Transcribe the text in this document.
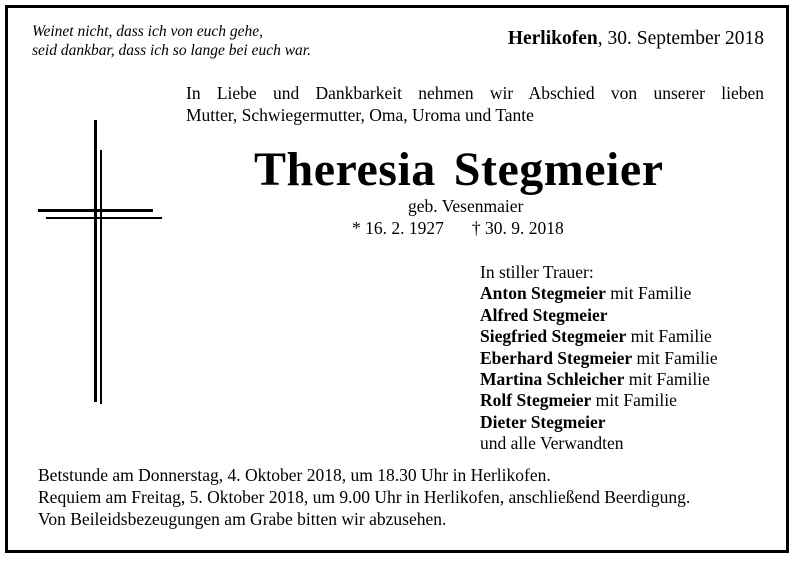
Weinet nicht, dass ich von euch gehe,
seid dankbar, dass ich so lange bei euch war.
Herlikofen, 30. September 2018
In Liebe und Dankbarkeit nehmen wir Abschied von unserer lieben
Mutter, Schwiegermutter, Oma, Uroma und Tante
Theresia Stegmeier
geb. Vesenmaier
* 16. 2. 1927 † 30. 9. 2018
In stiller Trauer:
Anton Stegmeier mit Familie
Alfred Stegmeier
Siegfried Stegmeier mit Familie
Eberhard Stegmeier mit Familie
Martina Schleicher mit Familie
Rolf Stegmeier mit Familie
Dieter Stegmeier
und alle Verwandten
Betstunde am Donnerstag, 4. Oktober 2018, um 18.30 Uhr in Herlikofen.
Requiem am Freitag, 5. Oktober 2018, um 9.00 Uhr in Herlikofen, anschließend Beerdigung.
Von Beileidsbezeugungen am Grabe bitten wir abzusehen.
